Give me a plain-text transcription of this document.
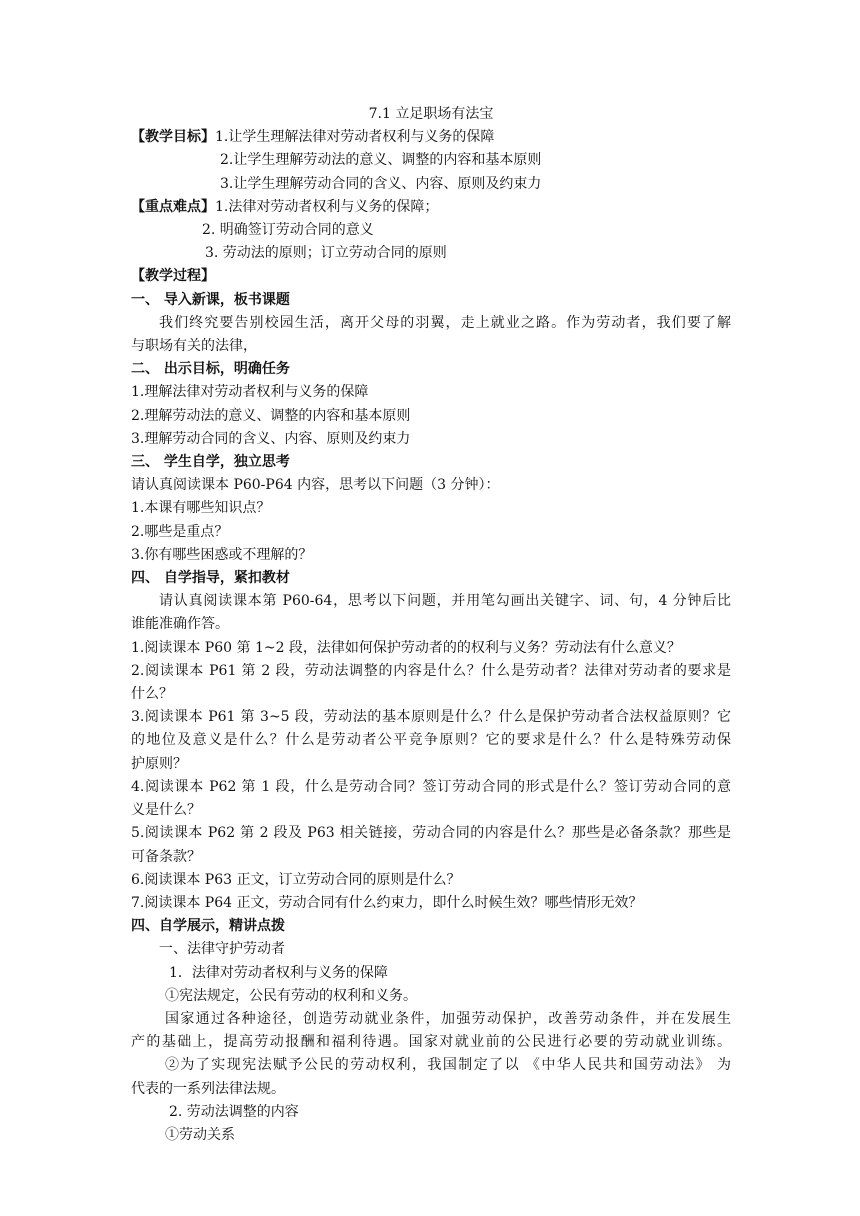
7.1 立足职场有法宝
【教学目标】1.让学生理解法律对劳动者权利与义务的保障
2.让学生理解劳动法的意义、调整的内容和基本原则
3.让学生理解劳动合同的含义、内容、原则及约束力
【重点难点】1.法律对劳动者权利与义务的保障；
2. 明确签订劳动合同的意义
3. 劳动法的原则；订立劳动合同的原则
【教学过程】
一、 导入新课，板书课题
我们终究要告别校园生活，离开父母的羽翼，走上就业之路。作为劳动者，我们要了解
与职场有关的法律，
二、 出示目标，明确任务
1.理解法律对劳动者权利与义务的保障
2.理解劳动法的意义、调整的内容和基本原则
3.理解劳动合同的含义、内容、原则及约束力
三、 学生自学，独立思考
请认真阅读课本 P60-P64 内容，思考以下问题（3 分钟）：
1.本课有哪些知识点？
2.哪些是重点？
3.你有哪些困惑或不理解的？
四、 自学指导，紧扣教材
请认真阅读课本第 P60-64，思考以下问题，并用笔勾画出关键字、词、句，4 分钟后比
谁能准确作答。
1.阅读课本 P60 第 1~2 段，法律如何保护劳动者的的权利与义务？劳动法有什么意义？
2.阅读课本 P61 第 2 段，劳动法调整的内容是什么？什么是劳动者？法律对劳动者的要求是
什么？
3.阅读课本 P61 第 3~5 段，劳动法的基本原则是什么？什么是保护劳动者合法权益原则？它
的地位及意义是什么？什么是劳动者公平竞争原则？它的要求是什么？什么是特殊劳动保
护原则？
4.阅读课本 P62 第 1 段，什么是劳动合同？签订劳动合同的形式是什么？签订劳动合同的意
义是什么？
5.阅读课本 P62 第 2 段及 P63 相关链接，劳动合同的内容是什么？那些是必备条款？那些是
可备条款？
6.阅读课本 P63 正文，订立劳动合同的原则是什么？
7.阅读课本 P64 正文，劳动合同有什么约束力，即什么时候生效？哪些情形无效？
四、自学展示，精讲点拨
一、法律守护劳动者
1．法律对劳动者权利与义务的保障
①宪法规定，公民有劳动的权利和义务。
国家通过各种途径，创造劳动就业条件，加强劳动保护，改善劳动条件，并在发展生
产的基础上，提高劳动报酬和福利待遇。国家对就业前的公民进行必要的劳动就业训练。
②为了实现宪法赋予公民的劳动权利，我国制定了以 《中华人民共和国劳动法》 为
代表的一系列法律法规。
2. 劳动法调整的内容
①劳动关系
